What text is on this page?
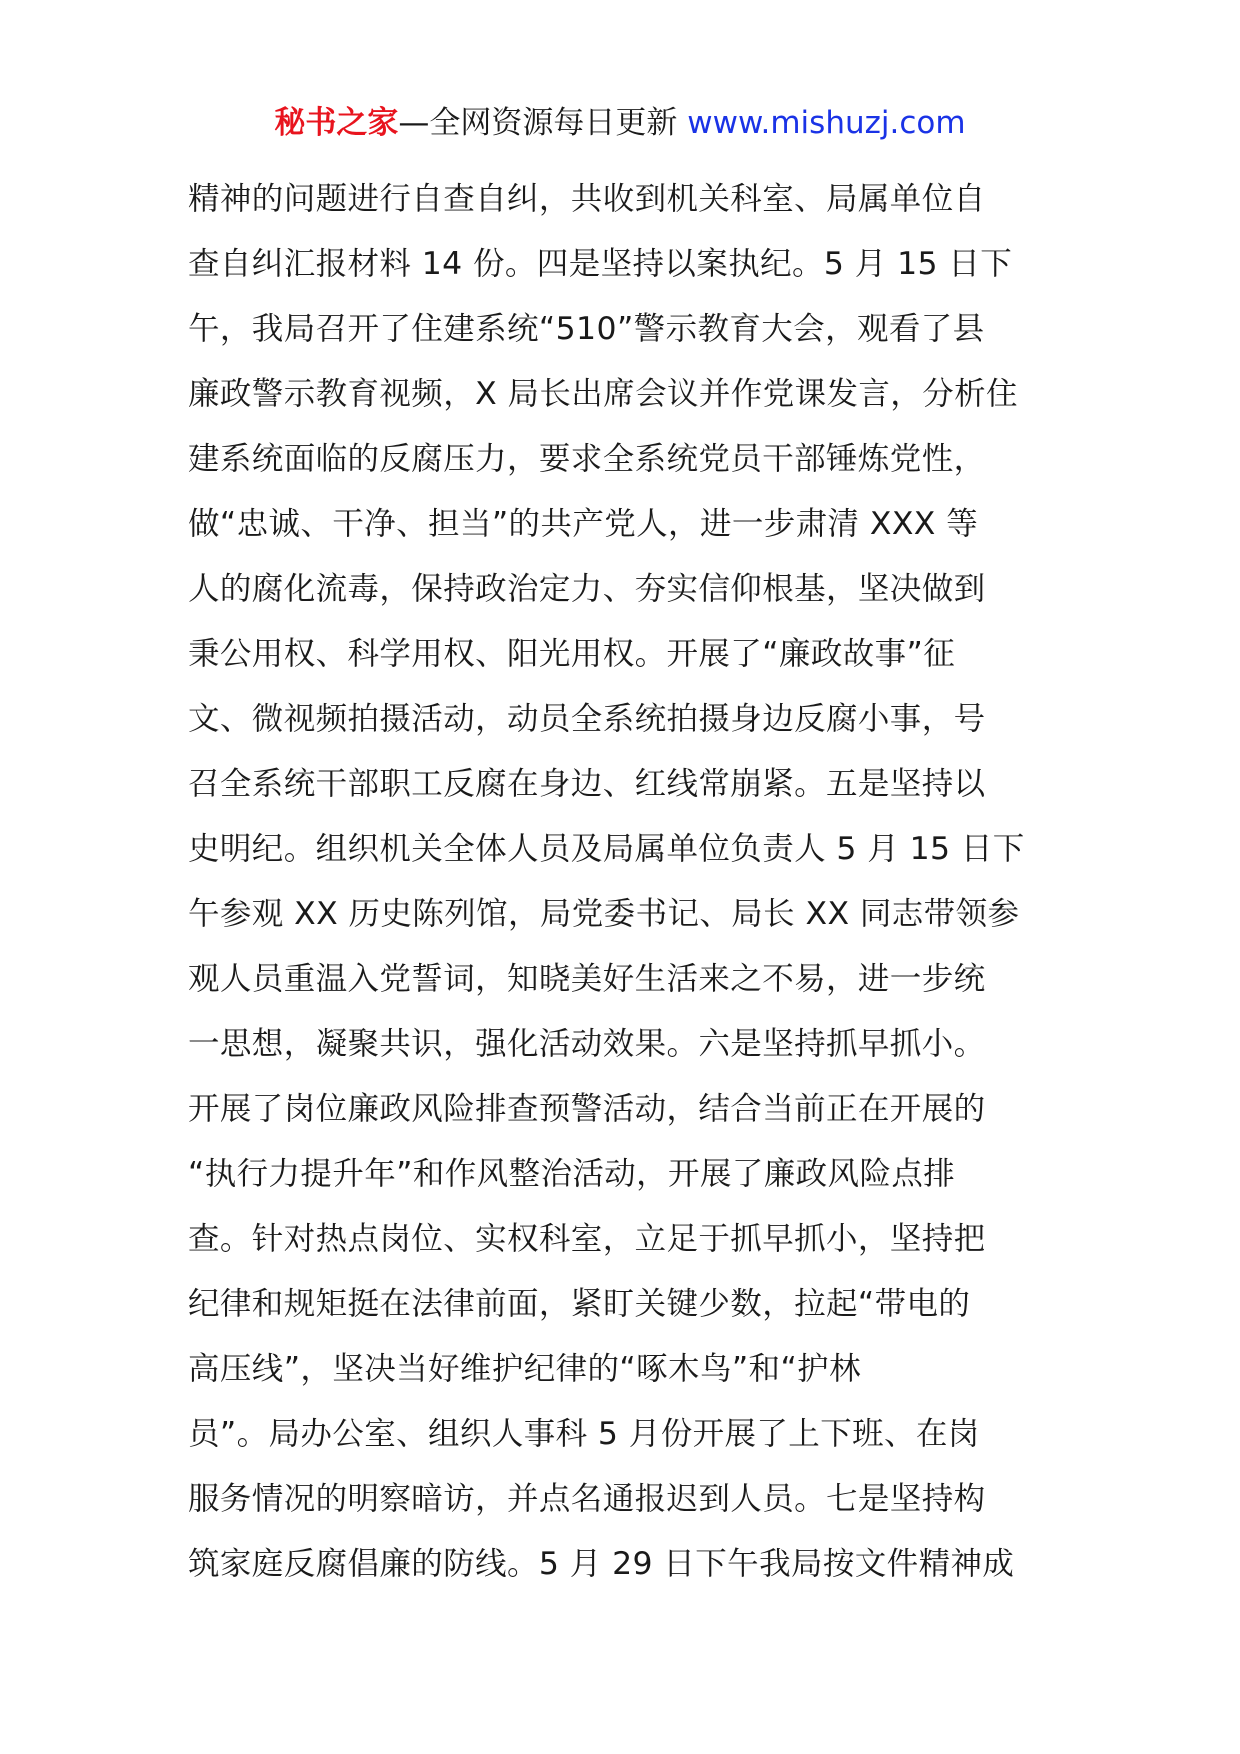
秘书之家—全网资源每日更新 www.mishuzj.com
精神的问题进行自查自纠，共收到机关科室、局属单位自
查自纠汇报材料 14 份。四是坚持以案执纪。5 月 15 日下
午，我局召开了住建系统“510”警示教育大会，观看了县
廉政警示教育视频，X 局长出席会议并作党课发言，分析住
建系统面临的反腐压力，要求全系统党员干部锤炼党性，
做“忠诚、干净、担当”的共产党人，进一步肃清 XXX 等
人的腐化流毒，保持政治定力、夯实信仰根基，坚决做到
秉公用权、科学用权、阳光用权。开展了“廉政故事”征
文、微视频拍摄活动，动员全系统拍摄身边反腐小事，号
召全系统干部职工反腐在身边、红线常崩紧。五是坚持以
史明纪。组织机关全体人员及局属单位负责人 5 月 15 日下
午参观 XX 历史陈列馆，局党委书记、局长 XX 同志带领参
观人员重温入党誓词，知晓美好生活来之不易，进一步统
一思想，凝聚共识，强化活动效果。六是坚持抓早抓小。
开展了岗位廉政风险排查预警活动，结合当前正在开展的
“执行力提升年”和作风整治活动，开展了廉政风险点排
查。针对热点岗位、实权科室，立足于抓早抓小，坚持把
纪律和规矩挺在法律前面，紧盯关键少数，拉起“带电的
高压线”，坚决当好维护纪律的“啄木鸟”和“护林
员”。局办公室、组织人事科 5 月份开展了上下班、在岗
服务情况的明察暗访，并点名通报迟到人员。七是坚持构
筑家庭反腐倡廉的防线。5 月 29 日下午我局按文件精神成
